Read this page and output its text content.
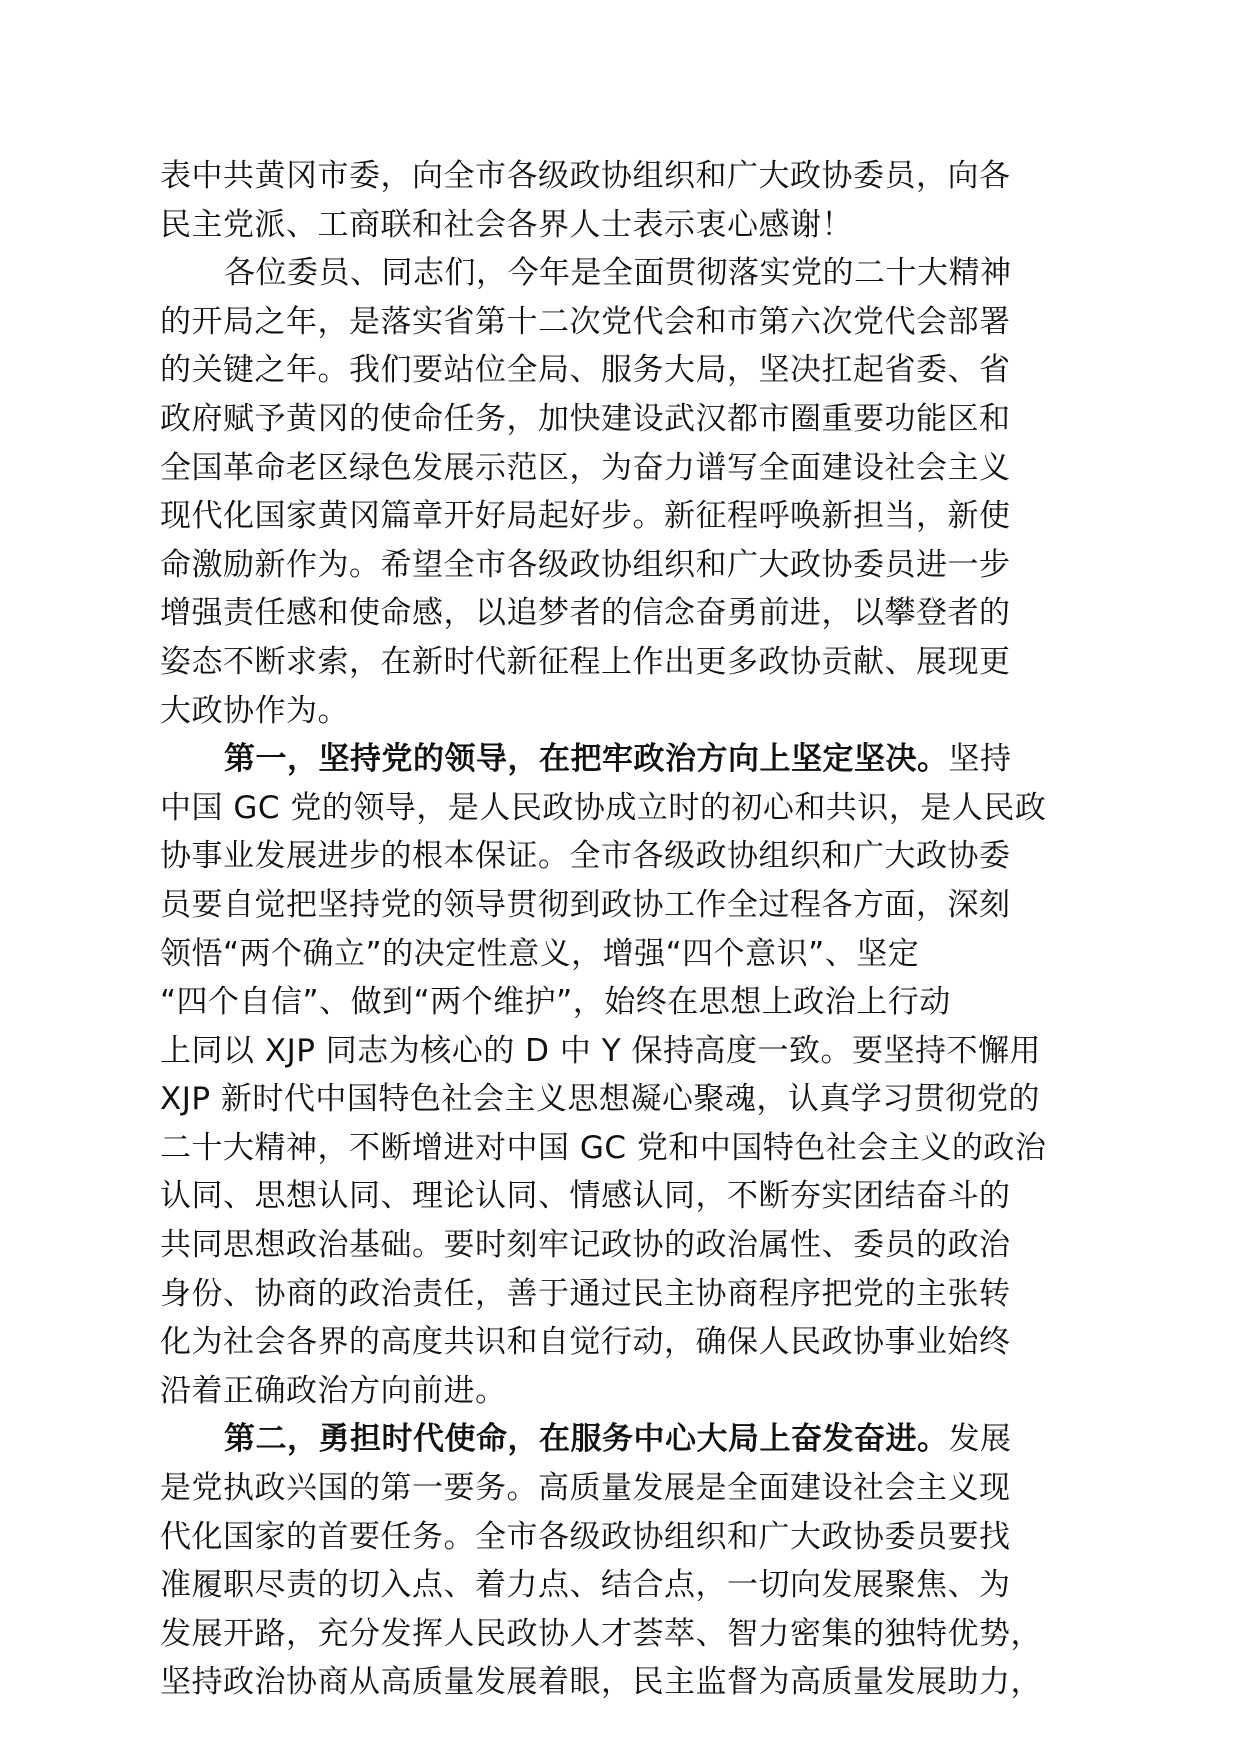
表中共黄冈市委，向全市各级政协组织和广大政协委员，向各
民主党派、工商联和社会各界人士表示衷心感谢！
各位委员、同志们，今年是全面贯彻落实党的二十大精神
的开局之年，是落实省第十二次党代会和市第六次党代会部署
的关键之年。我们要站位全局、服务大局，坚决扛起省委、省
政府赋予黄冈的使命任务，加快建设武汉都市圈重要功能区和
全国革命老区绿色发展示范区，为奋力谱写全面建设社会主义
现代化国家黄冈篇章开好局起好步。新征程呼唤新担当，新使
命激励新作为。希望全市各级政协组织和广大政协委员进一步
增强责任感和使命感，以追梦者的信念奋勇前进，以攀登者的
姿态不断求索，在新时代新征程上作出更多政协贡献、展现更
大政协作为。
第一，坚持党的领导，在把牢政治方向上坚定坚决。坚持
中国 GC 党的领导，是人民政协成立时的初心和共识，是人民政
协事业发展进步的根本保证。全市各级政协组织和广大政协委
员要自觉把坚持党的领导贯彻到政协工作全过程各方面，深刻
领悟“两个确立”的决定性意义，增强“四个意识”、坚定
“四个自信”、做到“两个维护”，始终在思想上政治上行动
上同以 XJP 同志为核心的 D 中 Y 保持高度一致。要坚持不懈用
XJP 新时代中国特色社会主义思想凝心聚魂，认真学习贯彻党的
二十大精神，不断增进对中国 GC 党和中国特色社会主义的政治
认同、思想认同、理论认同、情感认同，不断夯实团结奋斗的
共同思想政治基础。要时刻牢记政协的政治属性、委员的政治
身份、协商的政治责任，善于通过民主协商程序把党的主张转
化为社会各界的高度共识和自觉行动，确保人民政协事业始终
沿着正确政治方向前进。
第二，勇担时代使命，在服务中心大局上奋发奋进。发展
是党执政兴国的第一要务。高质量发展是全面建设社会主义现
代化国家的首要任务。全市各级政协组织和广大政协委员要找
准履职尽责的切入点、着力点、结合点，一切向发展聚焦、为
发展开路，充分发挥人民政协人才荟萃、智力密集的独特优势，
坚持政治协商从高质量发展着眼，民主监督为高质量发展助力，
